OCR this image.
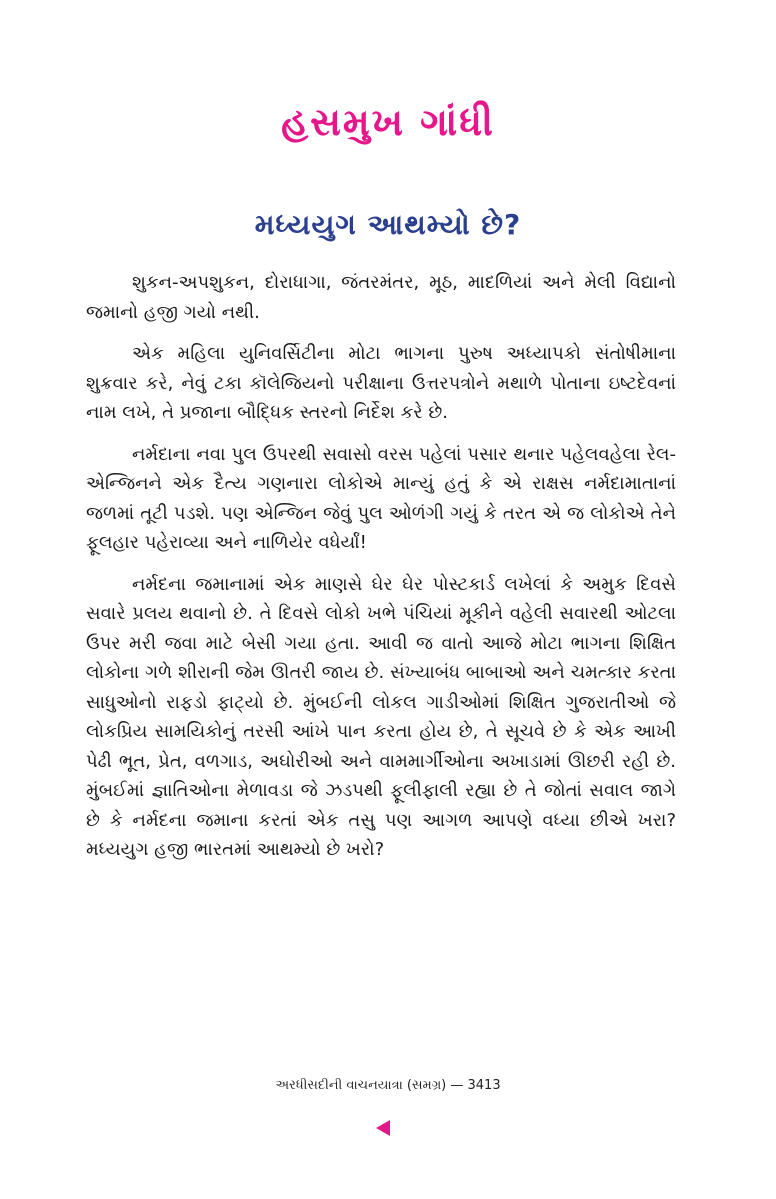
હસમુખ ગાંધી
મધ્યયુગ આથમ્યો છે?

શુકન-અપશુકન, દોરાધાગા, જંતરમંતર, મૂઠ, માદળિયાં અને મેલી વિદ્યાનો જમાનો હજી ગયો નથી.

એક મહિલા યુનિવર્સિટીના મોટા ભાગના પુરુષ અધ્યાપકો સંતોષીમાના શુક્રવાર કરે, નેવું ટકા કૉલેજિયનો પરીક્ષાના ઉત્તરપત્રોને મથાળે પોતાના ઇષ્ટદેવનાં નામ લખે, તે પ્રજાના બૌદ્ધિક સ્તરનો નિર્દેશ કરે છે.

નર્મદાના નવા પુલ ઉપરથી સવાસો વરસ પહેલાં પસાર થનાર પહેલવહેલા રેલ-એન્જિનને એક દૈત્ય ગણનારા લોકોએ માન્યું હતું કે એ રાક્ષસ નર્મદામાતાનાં જળમાં તૂટી પડશે. પણ એન્જિન જેવું પુલ ઓળંગી ગયું કે તરત એ જ લોકોએ તેને ફૂલહાર પહેરાવ્યા અને નાળિયેર વધેર્યાં!

નર્મદના જમાનામાં એક માણસે ઘેર ઘેર પોસ્ટકાર્ડ લખેલાં કે અમુક દિવસે સવારે પ્રલય થવાનો છે. તે દિવસે લોકો ખભે પંચિયાં મૂકીને વહેલી સવારથી ઓટલા ઉપર મરી જવા માટે બેસી ગયા હતા. આવી જ વાતો આજે મોટા ભાગના શિક્ષિત લોકોના ગળે શીરાની જેમ ઊતરી જાય છે. સંખ્યાબંધ બાબાઓ અને ચમત્કાર કરતા સાધુઓનો રાફડો ફાટ્યો છે. મુંબઈની લોકલ ગાડીઓમાં શિક્ષિત ગુજરાતીઓ જે લોકપ્રિય સામયિકોનું તરસી આંખે પાન કરતા હોય છે, તે સૂચવે છે કે એક આખી પેઢી ભૂત, પ્રેત, વળગાડ, અઘોરીઓ અને વામમાર્ગીઓના અખાડામાં ઊછરી રહી છે. મુંબઈમાં જ્ઞાતિઓના મેળાવડા જે ઝડપથી ફૂલીફાલી રહ્યા છે તે જોતાં સવાલ જાગે છે કે નર્મદના જમાના કરતાં એક તસુ પણ આગળ આપણે વધ્યા છીએ ખરા? મધ્યયુગ હજી ભારતમાં આથમ્યો છે ખરો?

અરધીસદીની વાચનયાત્રા (સમગ્ર) — 3413
